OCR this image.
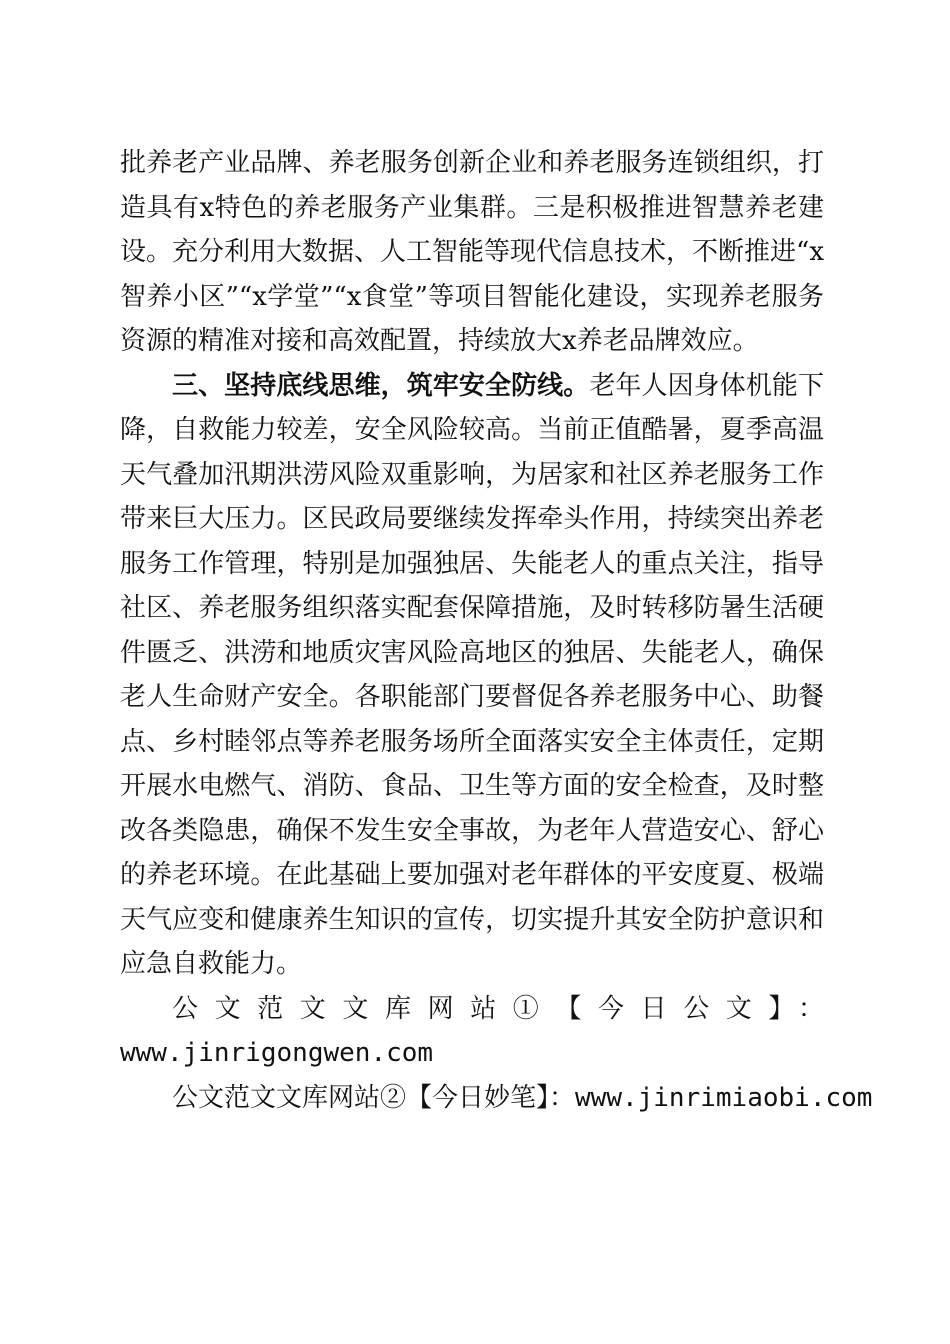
批养老产业品牌、养老服务创新企业和养老服务连锁组织，打造具有x特色的养老服务产业集群。三是积极推进智慧养老建设。充分利用大数据、人工智能等现代信息技术，不断推进“x智养小区”“x学堂”“x食堂”等项目智能化建设，实现养老服务资源的精准对接和高效配置，持续放大x养老品牌效应。

三、坚持底线思维，筑牢安全防线。老年人因身体机能下降，自救能力较差，安全风险较高。当前正值酷暑，夏季高温天气叠加汛期洪涝风险双重影响，为居家和社区养老服务工作带来巨大压力。区民政局要继续发挥牵头作用，持续突出养老服务工作管理，特别是加强独居、失能老人的重点关注，指导社区、养老服务组织落实配套保障措施，及时转移防暑生活硬件匮乏、洪涝和地质灾害风险高地区的独居、失能老人，确保老人生命财产安全。各职能部门要督促各养老服务中心、助餐点、乡村睦邻点等养老服务场所全面落实安全主体责任，定期开展水电燃气、消防、食品、卫生等方面的安全检查，及时整改各类隐患，确保不发生安全事故，为老年人营造安心、舒心的养老环境。在此基础上要加强对老年群体的平安度夏、极端天气应变和健康养生知识的宣传，切实提升其安全防护意识和应急自救能力。

公文范文文库网站①【今日公文】：

www.jinrigongwen.com

公文范文文库网站②【今日妙笔】：www.jinrimiaobi.com
